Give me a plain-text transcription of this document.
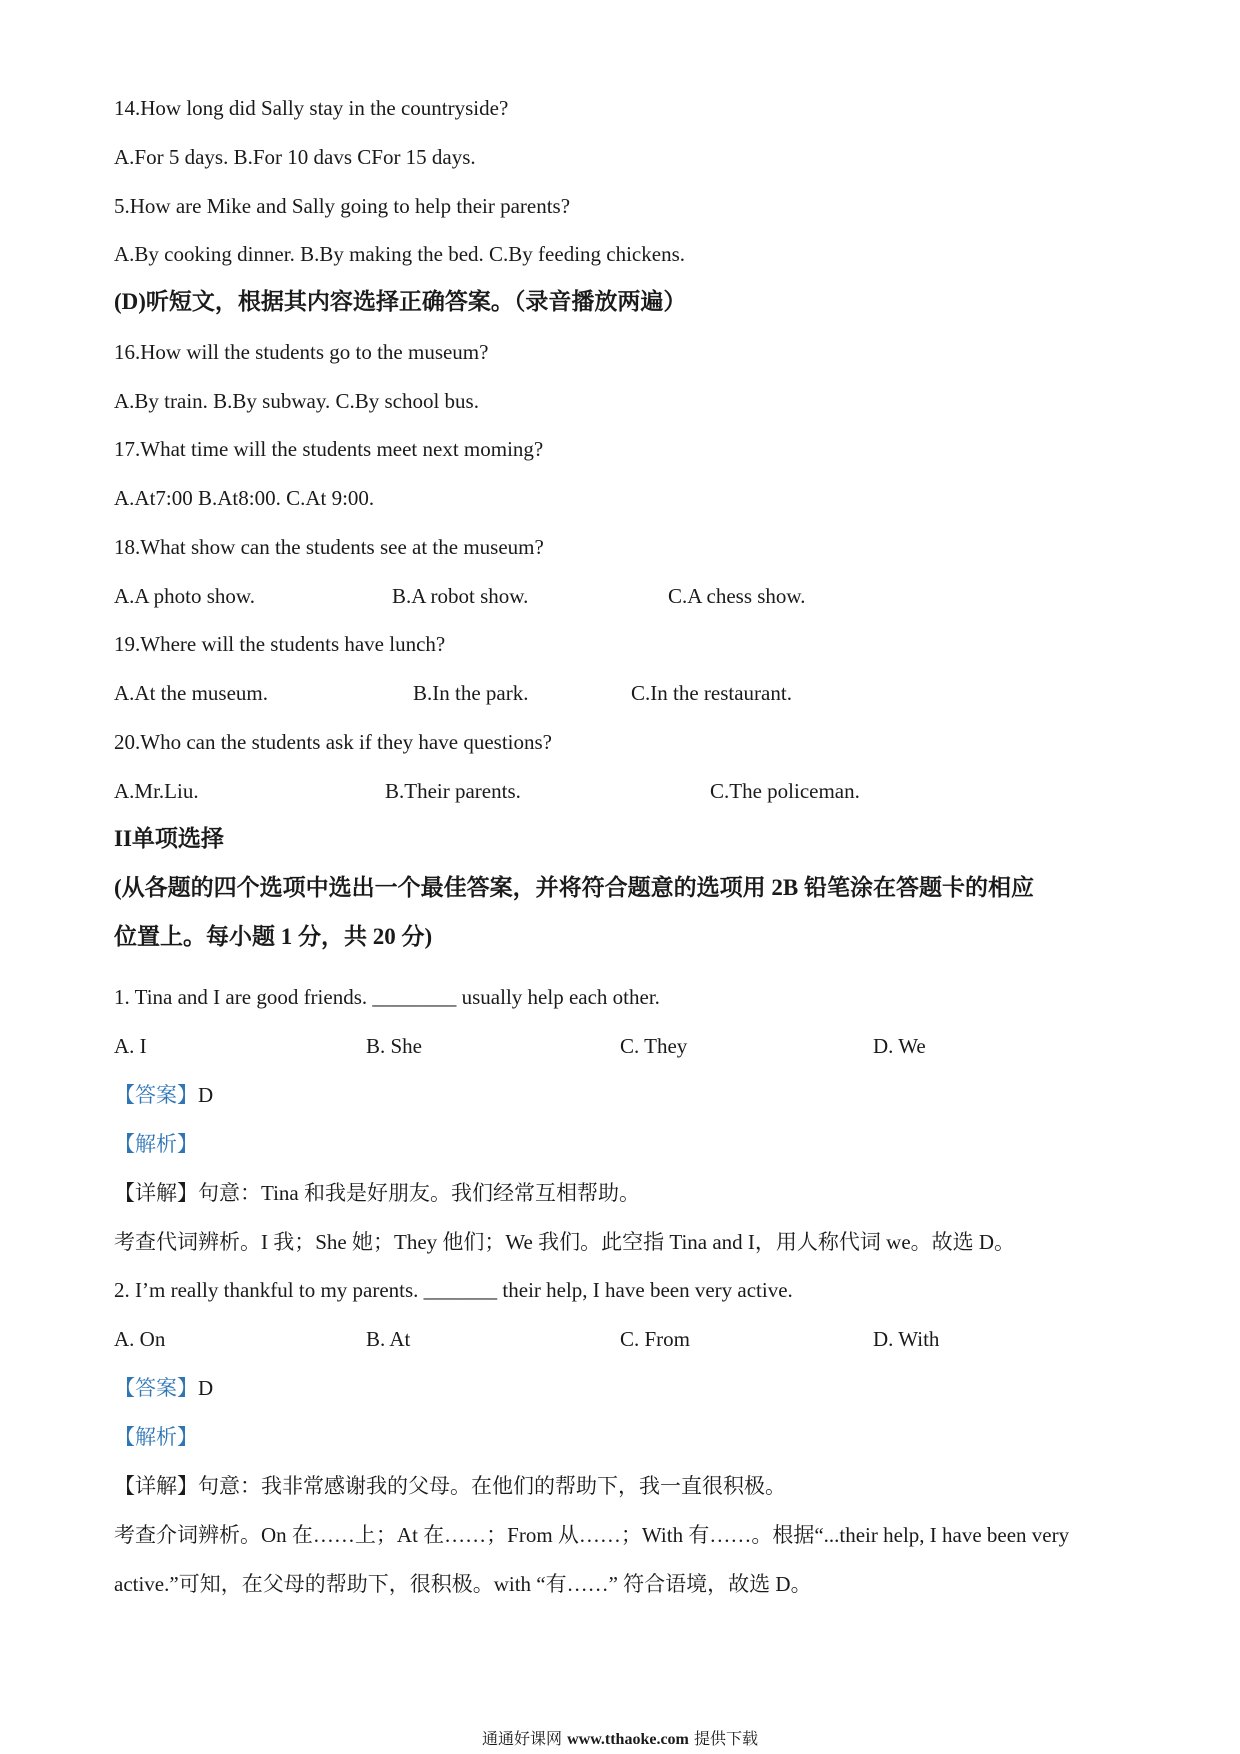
14.How long did Sally stay in the countryside?
A.For 5 days. B.For 10 davs CFor 15 days.
5.How are Mike and Sally going to help their parents?
A.By cooking dinner. B.By making the bed. C.By feeding chickens.
(D)听短文，根据其内容选择正确答案。（录音播放两遍）
16.How will the students go to the museum?
A.By train. B.By subway. C.By school bus.
17.What time will the students meet next moming?
A.At7:00 B.At8:00. C.At 9:00.
18.What show can the students see at the museum?
A.A photo show.	B.A robot show.	C.A chess show.
19.Where will the students have lunch?
A.At the museum.	B.In the park.	C.In the restaurant.
20.Who can the students ask if they have questions?
A.Mr.Liu.	B.Their parents.	C.The policeman.
II单项选择
(从各题的四个选项中选出一个最佳答案，并将符合题意的选项用 2B 铅笔涂在答题卡的相应
位置上。每小题 1 分，共 20 分)
1. Tina and I are good friends. ________ usually help each other.
A. I	B. She	C. They	D. We
【答案】D
【解析】
【详解】句意：Tina 和我是好朋友。我们经常互相帮助。
考查代词辨析。I 我；She 她；They 他们；We 我们。此空指 Tina and I，用人称代词 we。故选 D。
2. I’m really thankful to my parents. _______ their help, I have been very active.
A. On	B. At	C. From	D. With
【答案】D
【解析】
【详解】句意：我非常感谢我的父母。在他们的帮助下，我一直很积极。
考查介词辨析。On 在……上；At 在……；From 从……；With 有……。根据“...their help, I have been very
active.”可知，在父母的帮助下，很积极。with “有……” 符合语境，故选 D。
通通好课网 www.tthaoke.com 提供下载
